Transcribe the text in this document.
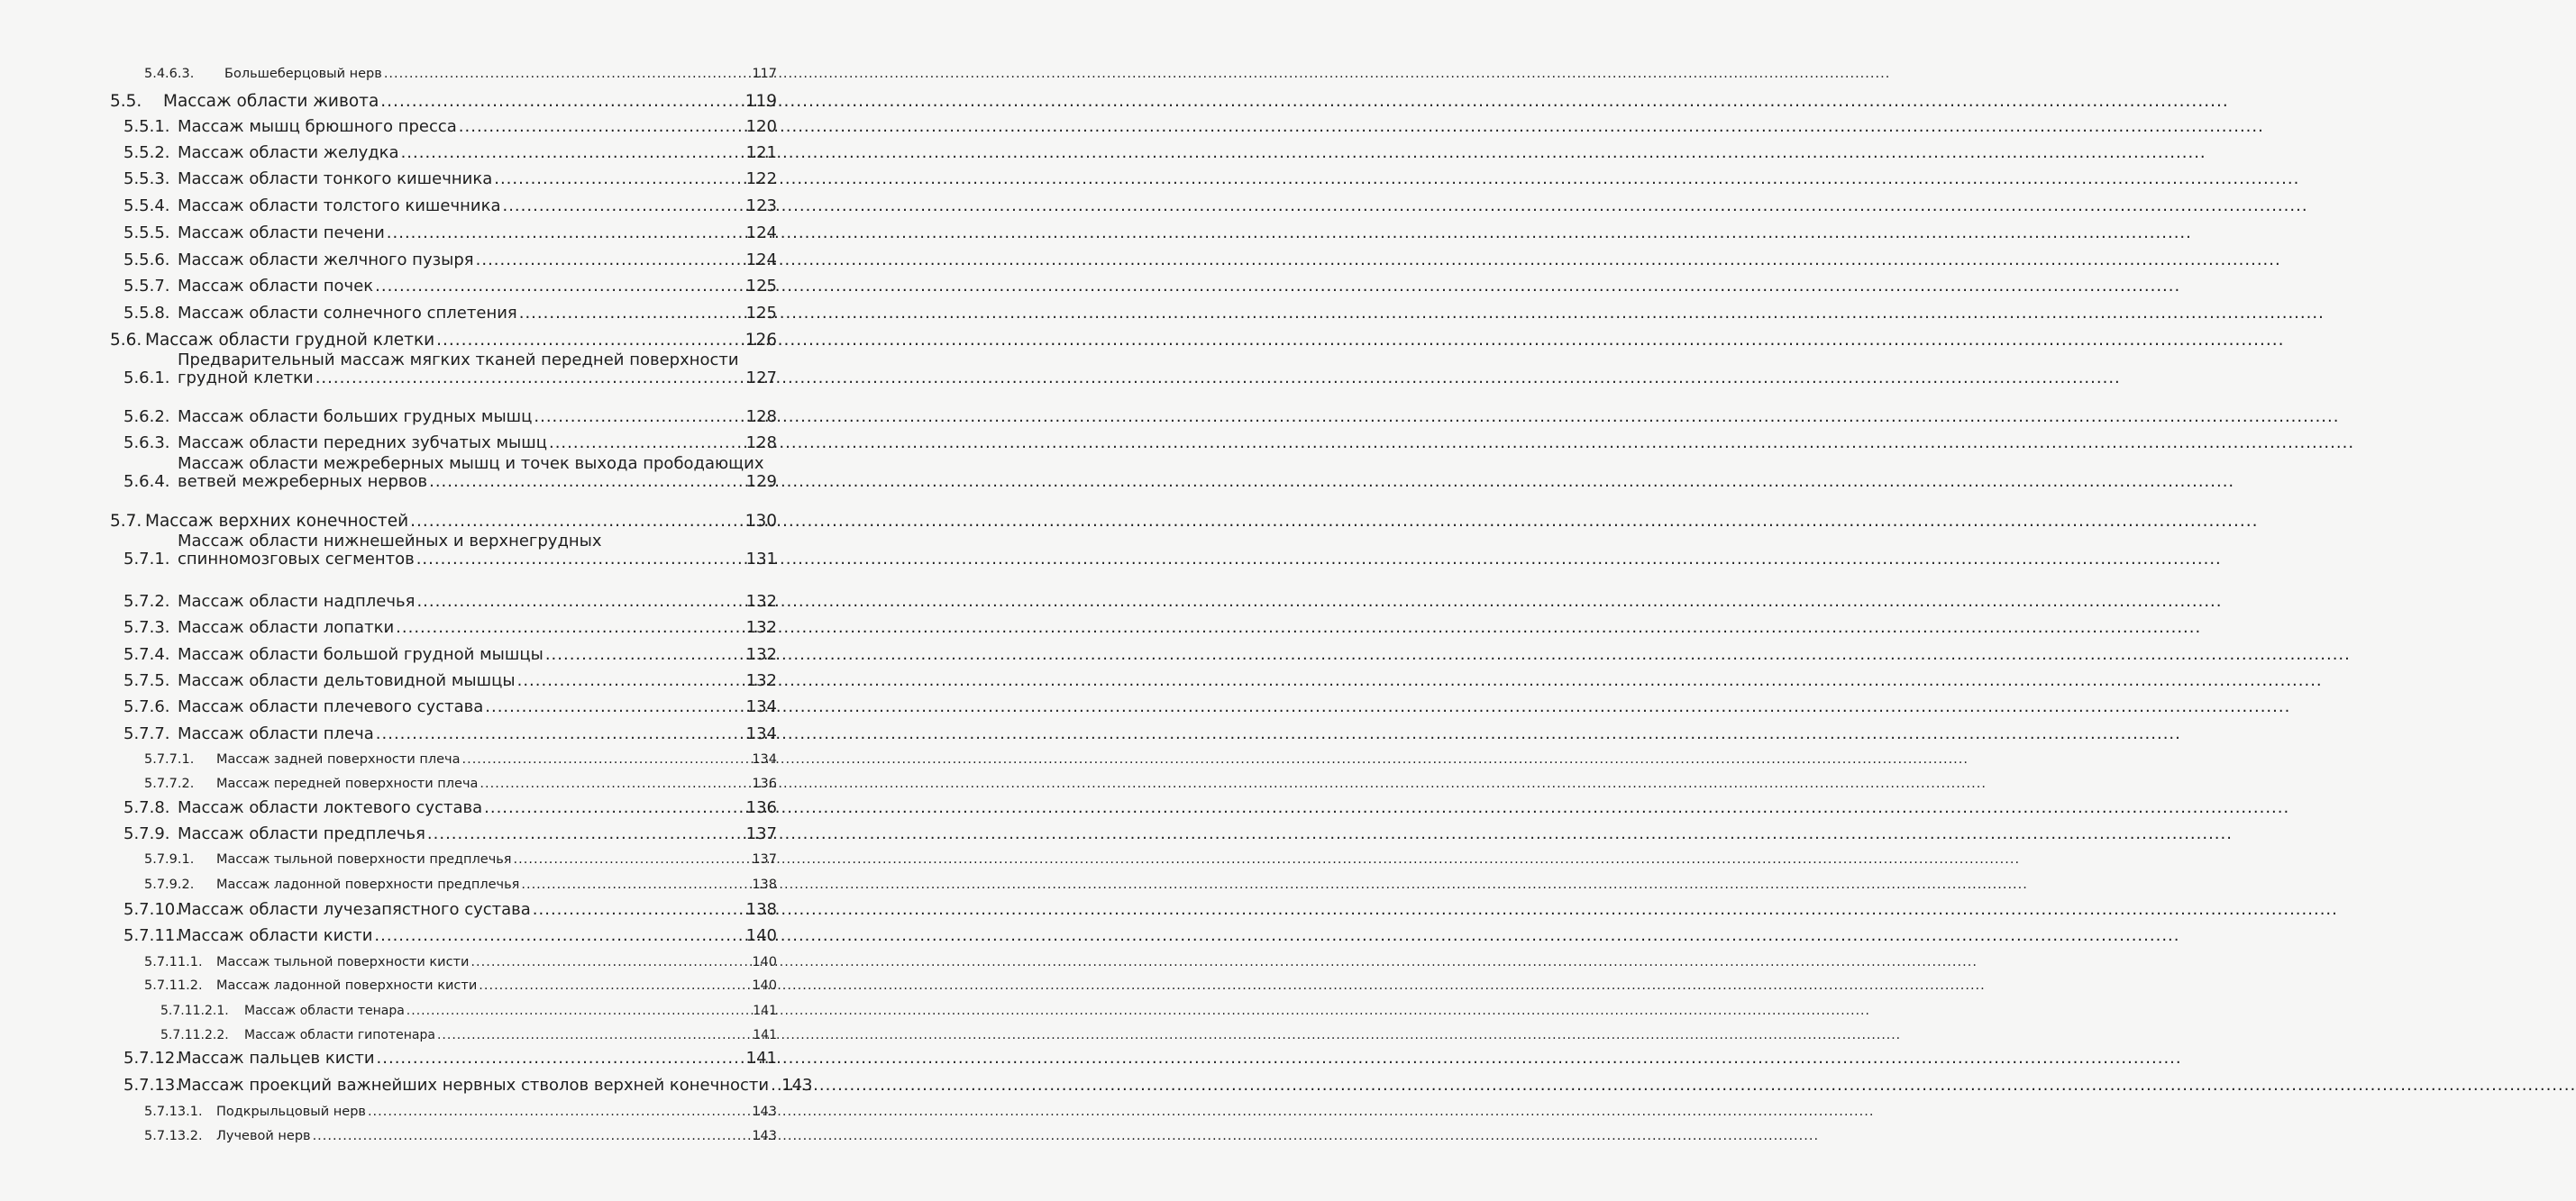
5.4.6.3.	Большеберцовый нерв .....	117
5.5.	Массаж области живота .....	119
5.5.1. Массаж мышц брюшного пресса .....	120
5.5.2. Массаж области желудка .....	121
5.5.3. Массаж области тонкого кишечника .....	122
5.5.4. Массаж области толстого кишечника .....	123
5.5.5. Массаж области печени .....	124
5.5.6. Массаж области желчного пузыря .....	124
5.5.7. Массаж области почек .....	125
5.5.8. Массаж области солнечного сплетения .....	125
5.6. Массаж области грудной клетки .....	126
5.6.1.
Предварительный массаж мягких тканей передней поверхности
грудной клетки .....	127
5.6.2. Массаж области больших грудных мышц .....	128
5.6.3. Массаж области передних зубчатых мышц .....	128
5.6.4.
Массаж области межреберных мышц и точек выхода прободающих
ветвей межреберных нервов .....	129
5.7. Массаж верхних конечностей .....	130
5.7.1.
Массаж области нижнешейных и верхнегрудных
спинномозговых сегментов .....	131
5.7.2. Массаж области надплечья .....	132
5.7.3. Массаж области лопатки .....	132
5.7.4. Массаж области большой грудной мышцы .....	132
5.7.5. Массаж области дельтовидной мышцы .....	132
5.7.6. Массаж области плечевого сустава .....	134
5.7.7. Массаж области плеча .....	134
5.7.7.1.	Массаж задней поверхности плеча .....	134
5.7.7.2.	Массаж передней поверхности плеча .....	136
5.7.8. Массаж области локтевого сустава .....	136
5.7.9. Массаж области предплечья .....	137
5.7.9.1.	Массаж тыльной поверхности предплечья .....	137
5.7.9.2.	Массаж ладонной поверхности предплечья .....	138
5.7.10.
Массаж области лучезапястного сустава .....	138
5.7.11.
Массаж области кисти .....	140
5.7.11.1.	Массаж тыльной поверхности кисти .....	140
5.7.11.2.	Массаж ладонной поверхности кисти .....	140
5.7.11.2.1.	Массаж области тенара .....	141
5.7.11.2.2.	Массаж области гипотенара .....	141
5.7.12.
Массаж пальцев кисти .....	141
5.7.13.
Массаж проекций важнейших нервных стволов верхней конечности ..... 143
5.7.13.1.	Подкрыльцовый нерв .....	143
5.7.13.2.	Лучевой нерв .....	143
